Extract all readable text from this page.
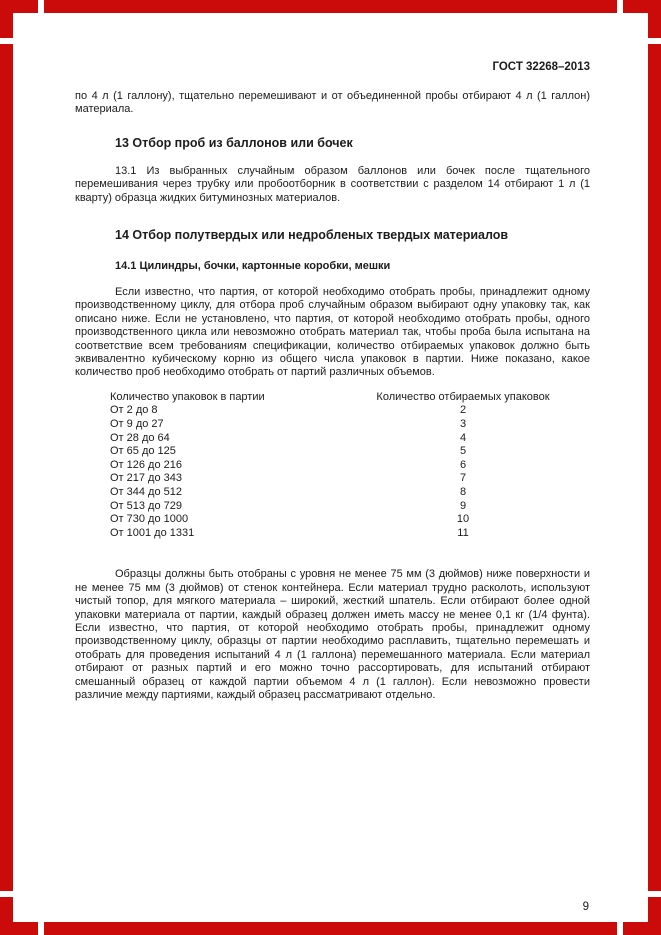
ГОСТ 32268–2013

по 4 л (1 галлону), тщательно перемешивают и от объединенной пробы отбирают 4 л (1 галлон) материала.

13 Отбор проб из баллонов или бочек

13.1 Из выбранных случайным образом баллонов или бочек после тщательного перемешивания через трубку или пробоотборник в соответствии с разделом 14 отбирают 1 л (1 кварту) образца жидких битуминозных материалов.

14 Отбор полутвердых или недробленых твердых материалов
14.1 Цилиндры, бочки, картонные коробки, мешки

Если известно, что партия, от которой необходимо отобрать пробы, принадлежит одному производственному циклу, для отбора проб случайным образом выбирают одну упаковку так, как описано ниже. Если не установлено, что партия, от которой необходимо отобрать пробы, одного производственного цикла или невозможно отобрать материал так, чтобы проба была испытана на соответствие всем требованиям спецификации, количество отбираемых упаковок должно быть эквивалентно кубическому корню из общего числа упаковок в партии. Ниже показано, какое количество проб необходимо отобрать от партий различных объемов.

Количество упаковок в партии	Количество отбираемых упаковок
От 2 до 8	2
От 9 до 27	3
От 28 до 64	4
От 65 до 125	5
От 126 до 216	6
От 217 до 343	7
От 344 до 512	8
От 513 до 729	9
От 730 до 1000	10
От 1001 до 1331	11

Образцы должны быть отобраны с уровня не менее 75 мм (3 дюймов) ниже поверхности и не менее 75 мм (3 дюймов) от стенок контейнера. Если материал трудно расколоть, используют чистый топор, для мягкого материала – широкий, жесткий шпатель. Если отбирают более одной упаковки материала от партии, каждый образец должен иметь массу не менее 0,1 кг (1/4 фунта). Если известно, что партия, от которой необходимо отобрать пробы, принадлежит одному производственному циклу, образцы от партии необходимо расплавить, тщательно перемешать и отобрать для проведения испытаний 4 л (1 галлона) перемешанного материала. Если материал отбирают от разных партий и его можно точно рассортировать, для испытаний отбирают смешанный образец от каждой партии объемом 4 л (1 галлон). Если невозможно провести различие между партиями, каждый образец рассматривают отдельно.

9
